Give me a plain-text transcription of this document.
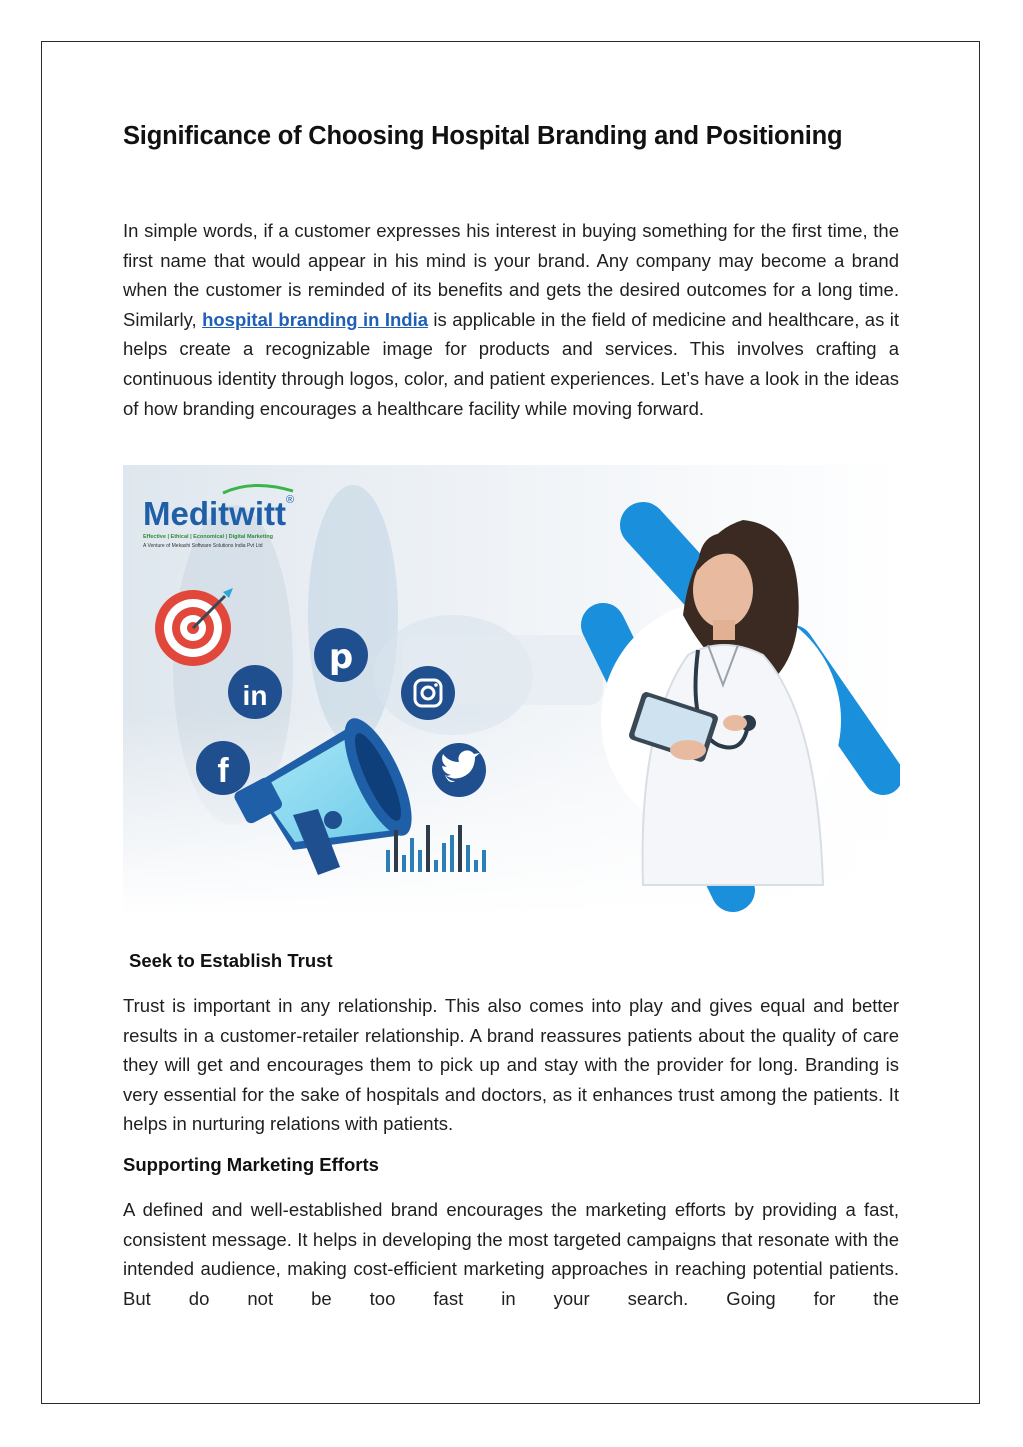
Significance of Choosing Hospital Branding and Positioning

In simple words, if a customer expresses his interest in buying something for the first time, the first name that would appear in his mind is your brand. Any company may become a brand when the customer is reminded of its benefits and gets the desired outcomes for a long time. Similarly, hospital branding in India is applicable in the field of medicine and healthcare, as it helps create a recognizable image for products and services. This involves crafting a continuous identity through logos, color, and patient experiences. Let’s have a look in the ideas of how branding encourages a healthcare facility while moving forward.

Meditwitt ®
Effective | Ethical | Economical | Digital Marketing
A Venture of Mekashi Software Solutions India Pvt Ltd
p
in
f

Seek to Establish Trust

Trust is important in any relationship. This also comes into play and gives equal and better results in a customer-retailer relationship. A brand reassures patients about the quality of care they will get and encourages them to pick up and stay with the provider for long. Branding is very essential for the sake of hospitals and doctors, as it enhances trust among the patients. It helps in nurturing relations with patients.

Supporting Marketing Efforts

A defined and well-established brand encourages the marketing efforts by providing a fast, consistent message. It helps in developing the most targeted campaigns that resonate with the intended audience, making cost-efficient marketing approaches in reaching potential patients. But do not be too fast in your search. Going for the
